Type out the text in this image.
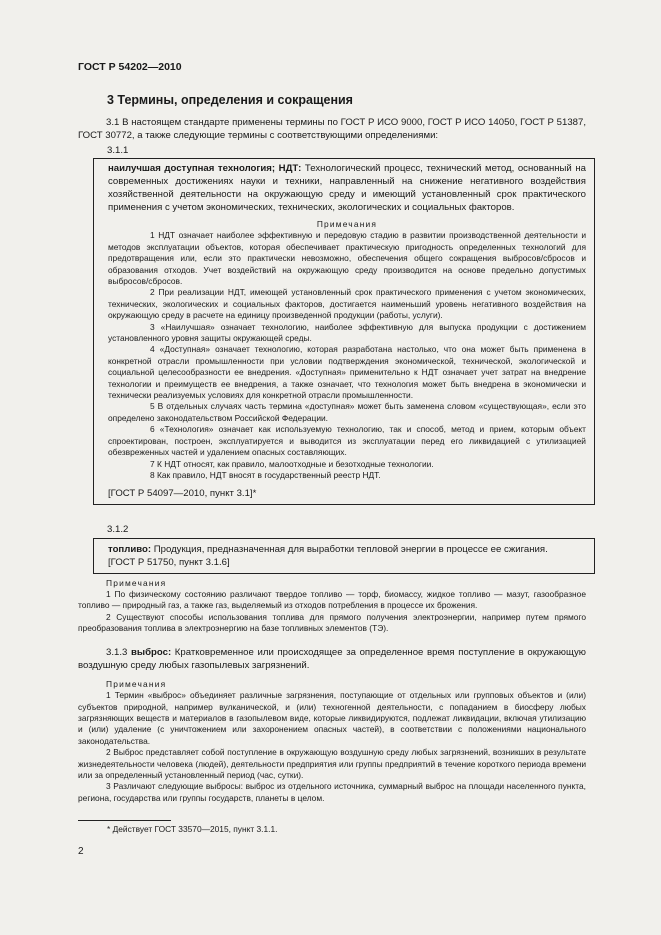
ГОСТ Р 54202—2010
3 Термины, определения и сокращения
3.1 В настоящем стандарте применены термины по ГОСТ Р ИСО 9000, ГОСТ Р ИСО 14050, ГОСТ Р 51387, ГОСТ 30772, а также следующие термины с соответствующими определениями:
3.1.1

наилучшая доступная технология; НДТ: Технологический процесс, технический метод, основанный на современных достижениях науки и техники, направленный на снижение негативного воздействия хозяйственной деятельности на окружающую среду и имеющий установленный срок практического применения с учетом экономических, технических, экологических и социальных факторов.

Примечания

1 НДТ означает наиболее эффективную и передовую стадию в развитии производственной деятельности и методов эксплуатации объектов, которая обеспечивает практическую пригодность определенных технологий для предотвращения или, если это практически невозможно, обеспечения общего сокращения выбросов/сбросов и образования отходов. Учет воздействий на окружающую среду производится на основе предельно допустимых выбросов/сбросов.

2 При реализации НДТ, имеющей установленный срок практического применения с учетом экономических, технических, экологических и социальных факторов, достигается наименьший уровень негативного воздействия на окружающую среду в расчете на единицу произведенной продукции (работы, услуги).

3 «Наилучшая» означает технологию, наиболее эффективную для выпуска продукции с достижением установленного уровня защиты окружающей среды.

4 «Доступная» означает технологию, которая разработана настолько, что она может быть применена в конкретной отрасли промышленности при условии подтверждения экономической, технической, экологической и социальной целесообразности ее внедрения. «Доступная» применительно к НДТ означает учет затрат на внедрение технологии и преимуществ ее внедрения, а также означает, что технология может быть внедрена в экономически и технически реализуемых условиях для конкретной отрасли промышленности.

5 В отдельных случаях часть термина «доступная» может быть заменена словом «существующая», если это определено законодательством Российской Федерации.

6 «Технология» означает как используемую технологию, так и способ, метод и прием, которым объект спроектирован, построен, эксплуатируется и выводится из эксплуатации перед его ликвидацией с утилизацией обезвреженных частей и удалением опасных составляющих.

7 К НДТ относят, как правило, малоотходные и безотходные технологии.

8 Как правило, НДТ вносят в государственный реестр НДТ.

[ГОСТ Р 54097—2010, пункт 3.1]*

3.1.2

топливо: Продукция, предназначенная для выработки тепловой энергии в процессе ее сжигания.

[ГОСТ Р 51750, пункт 3.1.6]

Примечания

1 По физическому состоянию различают твердое топливо — торф, биомассу, жидкое топливо — мазут, газообразное топливо — природный газ, а также газ, выделяемый из отходов потребления в процессе их брожения.

2 Существуют способы использования топлива для прямого получения электроэнергии, например путем прямого преобразования топлива в электроэнергию на базе топливных элементов (ТЭ).

3.1.3 выброс: Кратковременное или происходящее за определенное время поступление в окружающую воздушную среду любых газопылевых загрязнений.

Примечания

1 Термин «выброс» объединяет различные загрязнения, поступающие от отдельных или групповых объектов и (или) субъектов природной, например вулканической, и (или) техногенной деятельности, с попаданием в биосферу любых загрязняющих веществ и материалов в газопылевом виде, которые ликвидируются, подлежат ликвидации, включая утилизацию и (или) удаление (с уничтожением или захоронением опасных частей), в соответствии с положениями национального законодательства.

2 Выброс представляет собой поступление в окружающую воздушную среду любых загрязнений, возникших в результате жизнедеятельности человека (людей), деятельности предприятия или группы предприятий в течение короткого периода времени или за определенный установленный период (час, сутки).

3 Различают следующие выбросы: выброс из отдельного источника, суммарный выброс на площади населенного пункта, региона, государства или группы государств, планеты в целом.

* Действует ГОСТ 33570—2015, пункт 3.1.1.
2
